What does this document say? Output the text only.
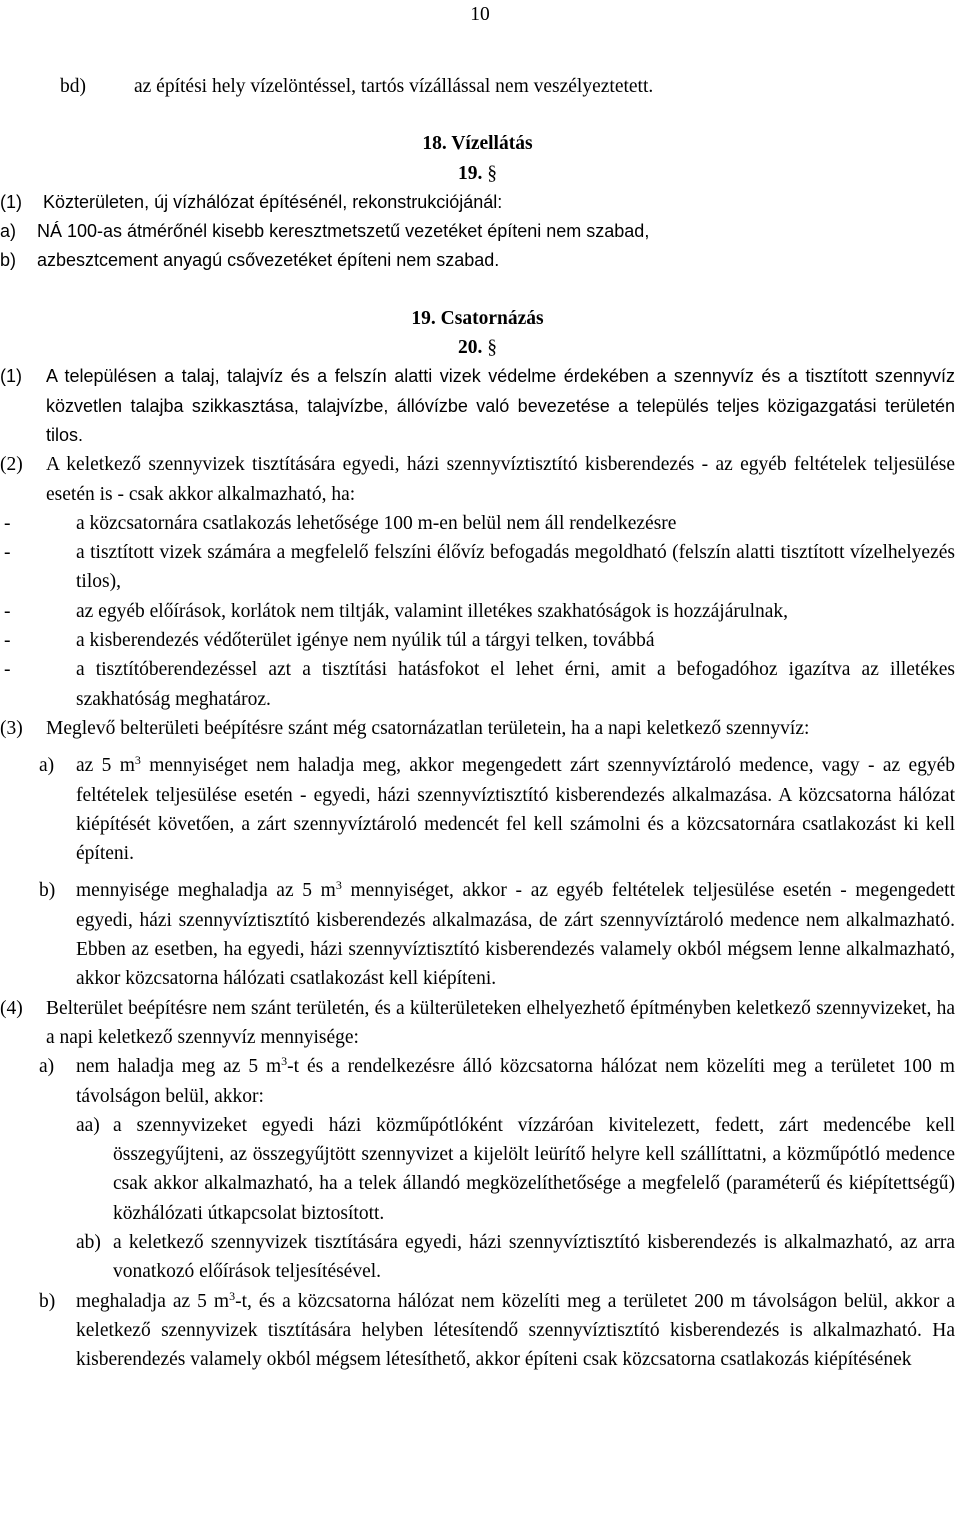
10
bd) az építési hely vízelöntéssel, tartós vízállással nem veszélyeztetett.

18. Vízellátás
19. §
(1) Közterületen, új vízhálózat építésénél, rekonstrukciójánál:

a) NÁ 100-as átmérőnél kisebb keresztmetszetű vezetéket építeni nem szabad,

b) azbesztcement anyagú csővezetéket építeni nem szabad.

19. Csatornázás
20. §
(1) A településen a talaj, talajvíz és a felszín alatti vizek védelme érdekében a szennyvíz és a tisztított szennyvíz közvetlen talajba szikkasztása, talajvízbe, állóvízbe való bevezetése a település teljes közigazgatási területén tilos.

(2) A keletkező szennyvizek tisztítására egyedi, házi szennyvíztisztító kisberendezés - az egyéb feltételek teljesülése esetén is - csak akkor alkalmazható, ha:

-	a közcsatornára csatlakozás lehetősége 100 m-en belül nem áll rendelkezésre

-	a tisztított vizek számára a megfelelő felszíni élővíz befogadás megoldható (felszín alatti tisztított vízelhelyezés tilos),

-	az egyéb előírások, korlátok nem tiltják, valamint illetékes szakhatóságok is hozzájárulnak,

-	a kisberendezés védőterület igénye nem nyúlik túl a tárgyi telken, továbbá

-	a tisztítóberendezéssel azt a tisztítási hatásfokot el lehet érni, amit a befogadóhoz igazítva az illetékes szakhatóság meghatároz.

(3) Meglevő belterületi beépítésre szánt még csatornázatlan területein, ha a napi keletkező szennyvíz:

a) az 5 $m^3$ mennyiséget nem haladja meg, akkor megengedett zárt szennyvíztároló medence, vagy - az egyéb feltételek teljesülése esetén - egyedi, házi szennyvíztisztító kisberendezés alkalmazása. A közcsatorna hálózat kiépítését követően, a zárt szennyvíztároló medencét fel kell számolni és a közcsatornára csatlakozást ki kell építeni.

b) mennyisége meghaladja az 5 $m^3$ mennyiséget, akkor - az egyéb feltételek teljesülése esetén - megengedett egyedi, házi szennyvíztisztító kisberendezés alkalmazása, de zárt szennyvíztároló medence nem alkalmazható. Ebben az esetben, ha egyedi, házi szennyvíztisztító kisberendezés valamely okból mégsem lenne alkalmazható, akkor közcsatorna hálózati csatlakozást kell kiépíteni.

(4) Belterület beépítésre nem szánt területén, és a külterületeken elhelyezhető építményben keletkező szennyvizeket, ha a napi keletkező szennyvíz mennyisége:

a) nem haladja meg az 5 $m^3-t$ és a rendelkezésre álló közcsatorna hálózat nem közelíti meg a területet 100 m távolságon belül, akkor:

aa) a szennyvizeket egyedi házi közműpótlóként vízzáróan kivitelezett, fedett, zárt medencébe kell összegyűjteni, az összegyűjtött szennyvizet a kijelölt leürítő helyre kell szállíttatni, a közműpótló medence csak akkor alkalmazható, ha a telek állandó megközelíthetősége a megfelelő (paraméterű és kiépítettségű) közhálózati útkapcsolat biztosított.

ab) a keletkező szennyvizek tisztítására egyedi, házi szennyvíztisztító kisberendezés is alkalmazható, az arra vonatkozó előírások teljesítésével.

b) meghaladja az 5 $m^3-t$, és a közcsatorna hálózat nem közelíti meg a területet 200 m távolságon belül, akkor a keletkező szennyvizek tisztítására helyben létesítendő szennyvíztisztító kisberendezés is alkalmazható. Ha kisberendezés valamely okból mégsem létesíthető, akkor építeni csak közcsatorna csatlakozás kiépítésének
